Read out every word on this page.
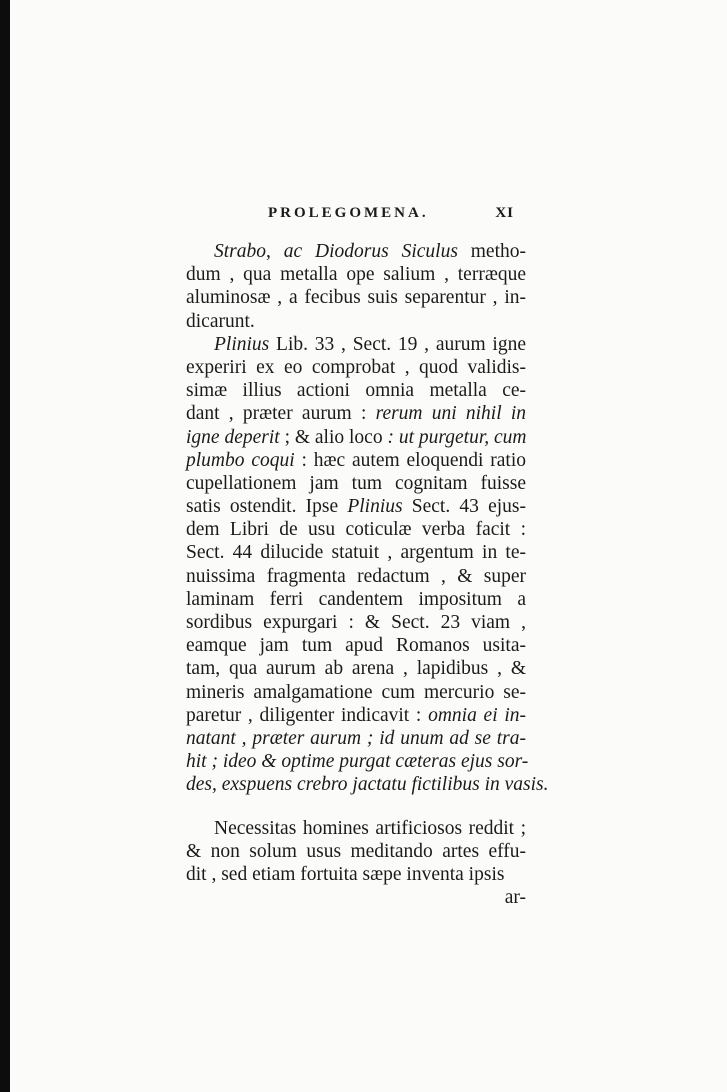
PROLEGOMENA.	XI
Strabo, ac Diodorus Siculus metho-
dum , qua metalla ope salium , terræque
aluminosæ , a fecibus suis separentur , in-
dicarunt.
Plinius Lib. 33 , Sect. 19 , aurum igne
experiri ex eo comprobat , quod validis-
simæ illius actioni omnia metalla ce-
dant , præter aurum : rerum uni nihil in
igne deperit ; & alio loco : ut purgetur, cum
plumbo coqui : hæc autem eloquendi ratio
cupellationem jam tum cognitam fuisse
satis ostendit. Ipse Plinius Sect. 43 ejus-
dem Libri de usu coticulæ verba facit :
Sect. 44 dilucide statuit , argentum in te-
nuissima fragmenta redactum , & super
laminam ferri candentem impositum a
sordibus expurgari : & Sect. 23 viam ,
eamque jam tum apud Romanos usita-
tam, qua aurum ab arena , lapidibus , &
mineris amalgamatione cum mercurio se-
paretur , diligenter indicavit : omnia ei in-
natant , præter aurum ; id unum ad se tra-
hit ; ideo & optime purgat cæteras ejus sor-
des, exspuens crebro jactatu fictilibus in vasis.
Necessitas homines artificiosos reddit ;
& non solum usus meditando artes effu-
dit , sed etiam fortuita sæpe inventa ipsis
ar-
